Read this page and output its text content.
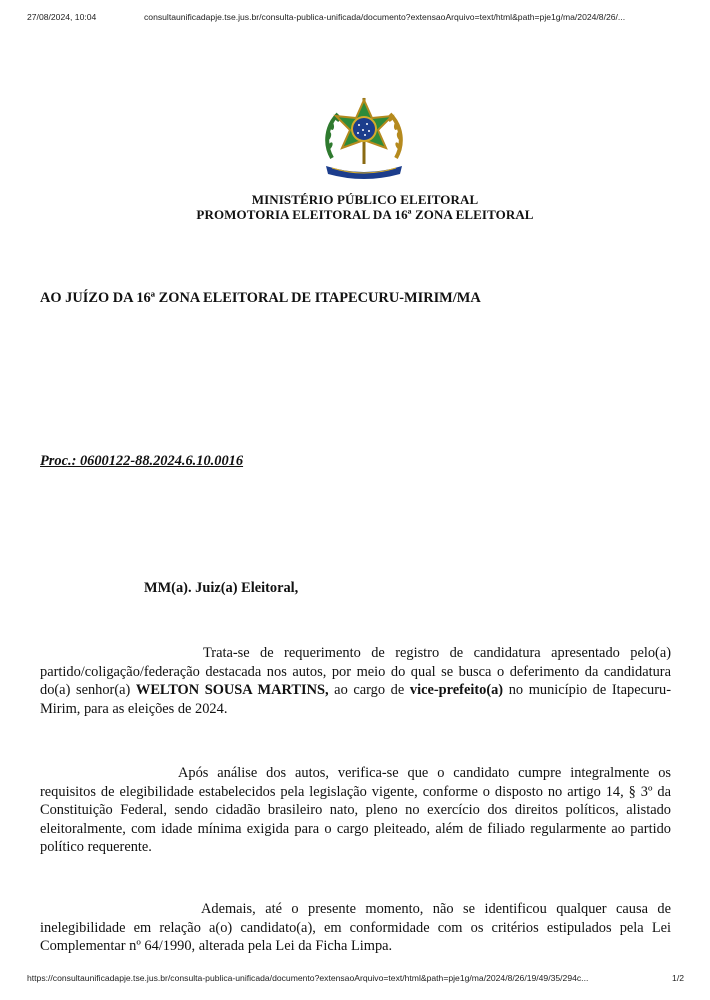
27/08/2024, 10:04	consultaunificadapje.tse.jus.br/consulta-publica-unificada/documento?extensaoArquivo=text/html&path=pje1g/ma/2024/8/26/...
MINISTÉRIO PÚBLICO ELEITORAL
PROMOTORIA ELEITORAL DA 16ª ZONA ELEITORAL
AO JUÍZO DA 16ª ZONA ELEITORAL DE ITAPECURU-MIRIM/MA
Proc.: 0600122-88.2024.6.10.0016
MM(a). Juiz(a) Eleitoral,

Trata-se de requerimento de registro de candidatura apresentado pelo(a) partido/coligação/federação destacada nos autos, por meio do qual se busca o deferimento da candidatura do(a) senhor(a) WELTON SOUSA MARTINS, ao cargo de vice-prefeito(a) no município de Itapecuru-Mirim, para as eleições de 2024.

Após análise dos autos, verifica-se que o candidato cumpre integralmente os requisitos de elegibilidade estabelecidos pela legislação vigente, conforme o disposto no artigo 14, § 3º da Constituição Federal, sendo cidadão brasileiro nato, pleno no exercício dos direitos políticos, alistado eleitoralmente, com idade mínima exigida para o cargo pleiteado, além de filiado regularmente ao partido político requerente.

Ademais, até o presente momento, não se identificou qualquer causa de inelegibilidade em relação a(o) candidato(a), em conformidade com os critérios estipulados pela Lei Complementar nº 64/1990, alterada pela Lei da Ficha Limpa.

https://consultaunificadapje.tse.jus.br/consulta-publica-unificada/documento?extensaoArquivo=text/html&path=pje1g/ma/2024/8/26/19/49/35/294c...	1/2
